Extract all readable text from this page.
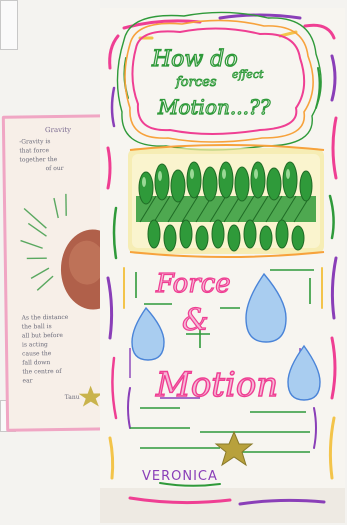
Gravity
-Gravity is
that force
together the
of our
As the distance
the ball is
all but before
is acting
cause the
fall down
the centre of
ear
Tanu
How do
forces
effect
Motion...??
Force
&
Motion
VERONICA
